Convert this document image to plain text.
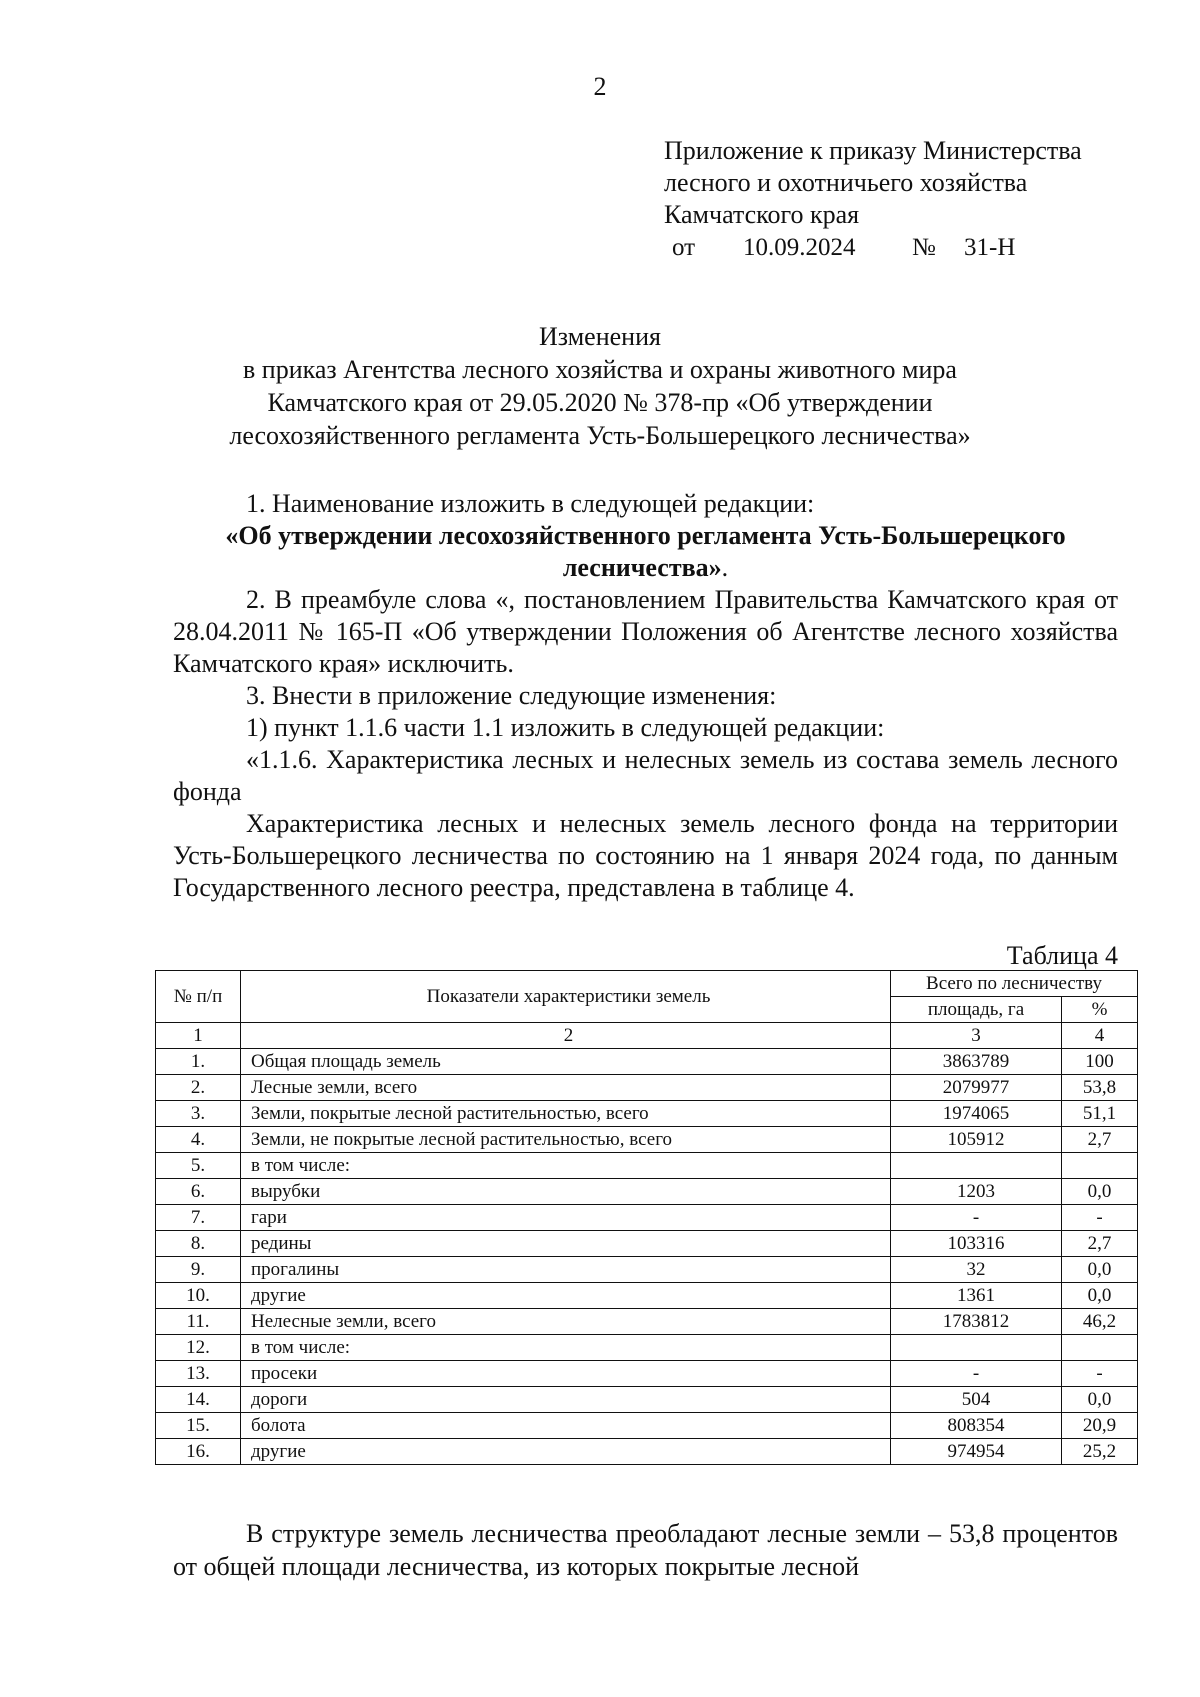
2
Приложение к приказу Министерства
лесного и охотничьего хозяйства
Камчатского края
от 10.09.2024 № 31-Н
Изменения
в приказ Агентства лесного хозяйства и охраны животного мира
Камчатского края от 29.05.2020 № 378-пр «Об утверждении
лесохозяйственного регламента Усть-Большерецкого лесничества»

1. Наименование изложить в следующей редакции:

«Об утверждении лесохозяйственного регламента Усть-Большерецкого лесничества».

2. В преамбуле слова «, постановлением Правительства Камчатского края от 28.04.2011 № 165-П «Об утверждении Положения об Агентстве лесного хозяйства Камчатского края» исключить.

3. Внести в приложение следующие изменения:

1) пункт 1.1.6 части 1.1 изложить в следующей редакции:

«1.1.6. Характеристика лесных и нелесных земель из состава земель лесного фонда

Характеристика лесных и нелесных земель лесного фонда на территории Усть-Большерецкого лесничества по состоянию на 1 января 2024 года, по данным Государственного лесного реестра, представлена в таблице 4.

Таблица 4
№ п/п	Показатели характеристики земель	Всего по лесничеству	
		площадь, га	%
1	2	3	4
1.	Общая площадь земель	3863789	100
2.	Лесные земли, всего	2079977	53,8
3.	Земли, покрытые лесной растительностью, всего	1974065	51,1
4.	Земли, не покрытые лесной растительностью, всего	105912	2,7
5.	в том числе:		
6.	вырубки	1203	0,0
7.	гари	-	-
8.	редины	103316	2,7
9.	прогалины	32	0,0
10.	другие	1361	0,0
11.	Нелесные земли, всего	1783812	46,2
12.	в том числе:		
13.	просеки	-	-
14.	дороги	504	0,0
15.	болота	808354	20,9
16.	другие	974954	25,2

В структуре земель лесничества преобладают лесные земли – 53,8 процентов от общей площади лесничества, из которых покрытые лесной
